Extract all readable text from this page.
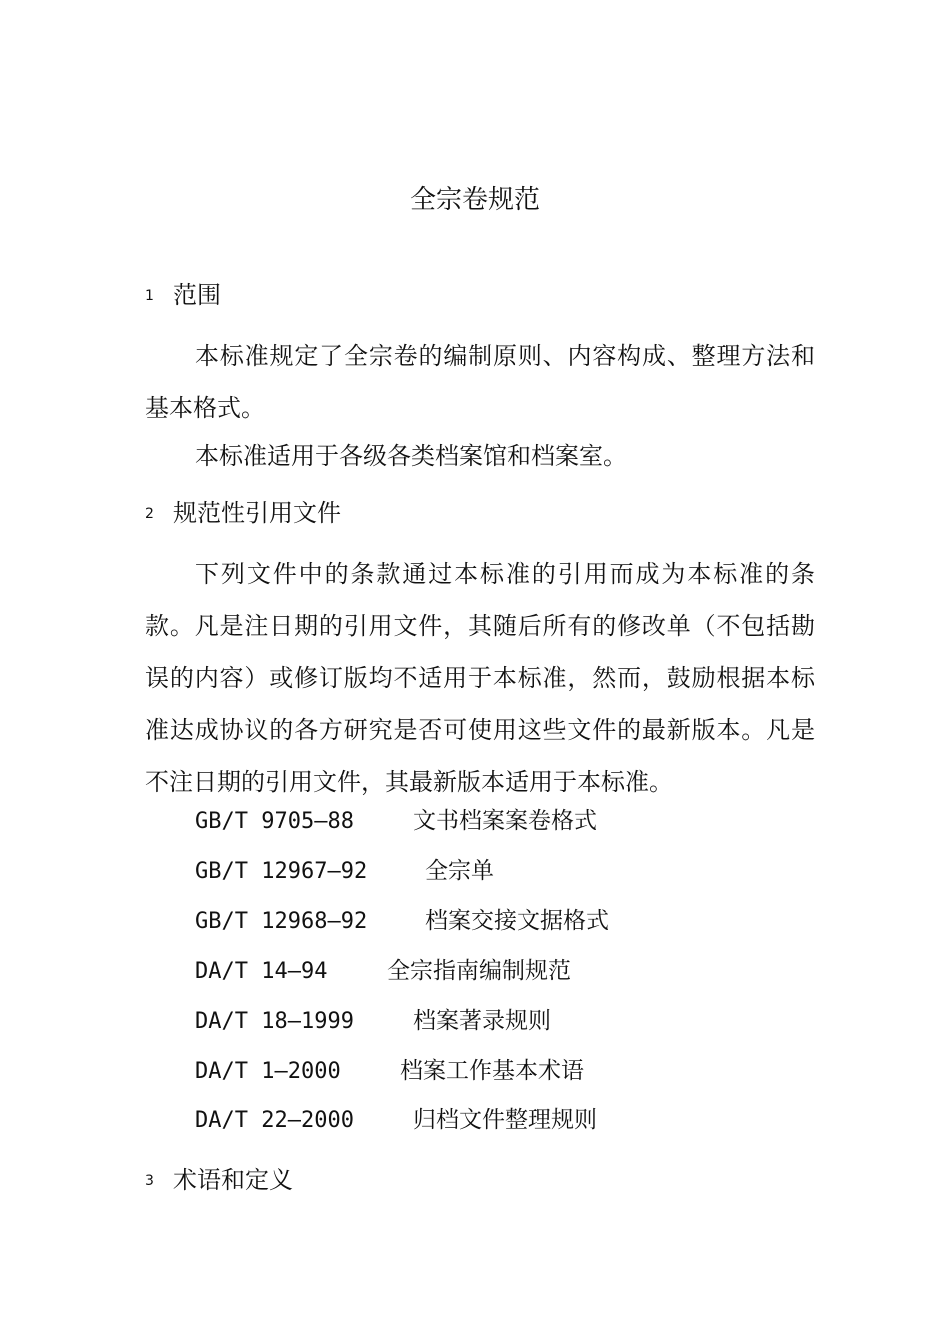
全宗卷规范
1 范围

本标准规定了全宗卷的编制原则、内容构成、整理方法和基本格式。

本标准适用于各级各类档案馆和档案室。

2 规范性引用文件

下列文件中的条款通过本标准的引用而成为本标准的条款。凡是注日期的引用文件，其随后所有的修改单（不包括勘误的内容）或修订版均不适用于本标准，然而，鼓励根据本标准达成协议的各方研究是否可使用这些文件的最新版本。凡是不注日期的引用文件，其最新版本适用于本标准。

GB/T 9705—88	文书档案案卷格式
GB/T 12967—92	全宗单
GB/T 12968—92	档案交接文据格式
DA/T 14—94	全宗指南编制规范
DA/T 18—1999	档案著录规则
DA/T 1—2000	档案工作基本术语
DA/T 22—2000	归档文件整理规则
3 术语和定义
